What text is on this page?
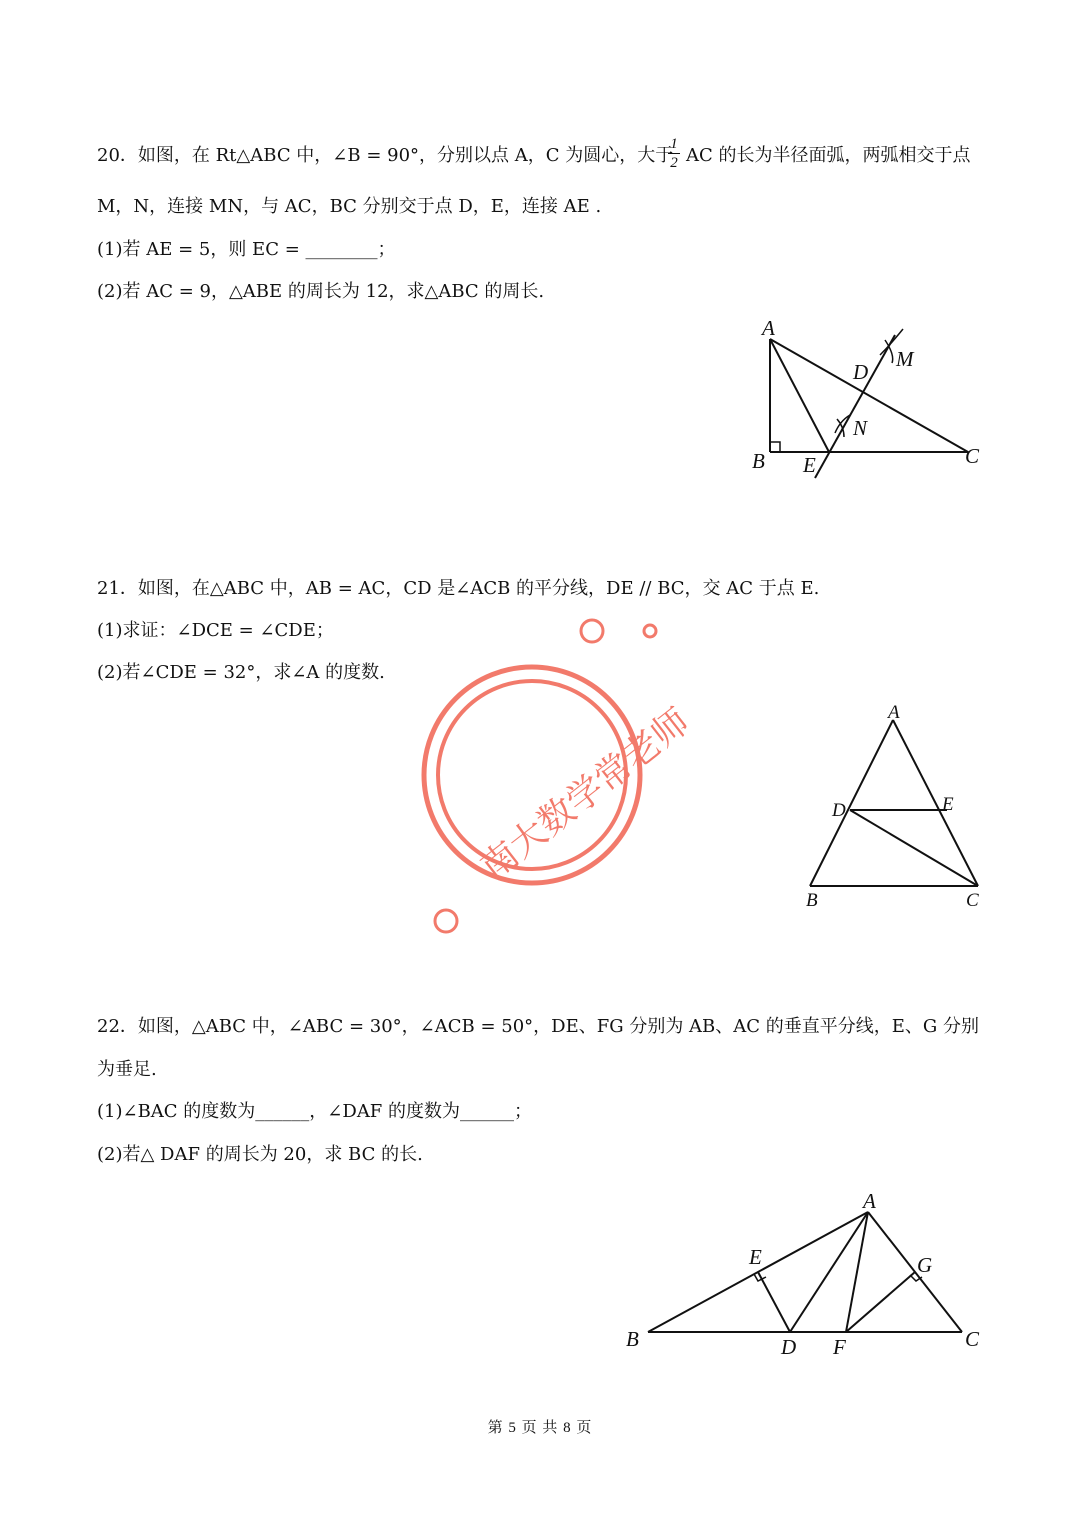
20．如图，在 Rt△ABC 中，∠B = 90°，分别以点 A，C 为圆心，大于
1
2 AC 的长为半径面弧，两弧相交于点
M，N，连接 MN，与 AC，BC 分别交于点 D，E，连接 AE .
(1)若 AE = 5，则 EC = ________；
(2)若 AC = 9，△ABE 的周长为 12，求△ABC 的周长.
A
B	C
D
E
M
N
21．如图，在△ABC 中，AB = AC，CD 是∠ACB 的平分线，DE // BC，交 AC 于点 E.
(1)求证：∠DCE = ∠CDE；
(2)若∠CDE = 32°，求∠A 的度数.
南大数学常老师	A
D	E
B	C
22．如图，△ABC 中，∠ABC = 30°，∠ACB = 50°，DE、FG 分别为 AB、AC 的垂直平分线，E、G 分别
为垂足.
(1)∠BAC 的度数为______，∠DAF 的度数为______；
(2)若△ DAF 的周长为 20，求 BC 的长.
A
B	C
D
E
F
G
第 5 页 共 8 页
